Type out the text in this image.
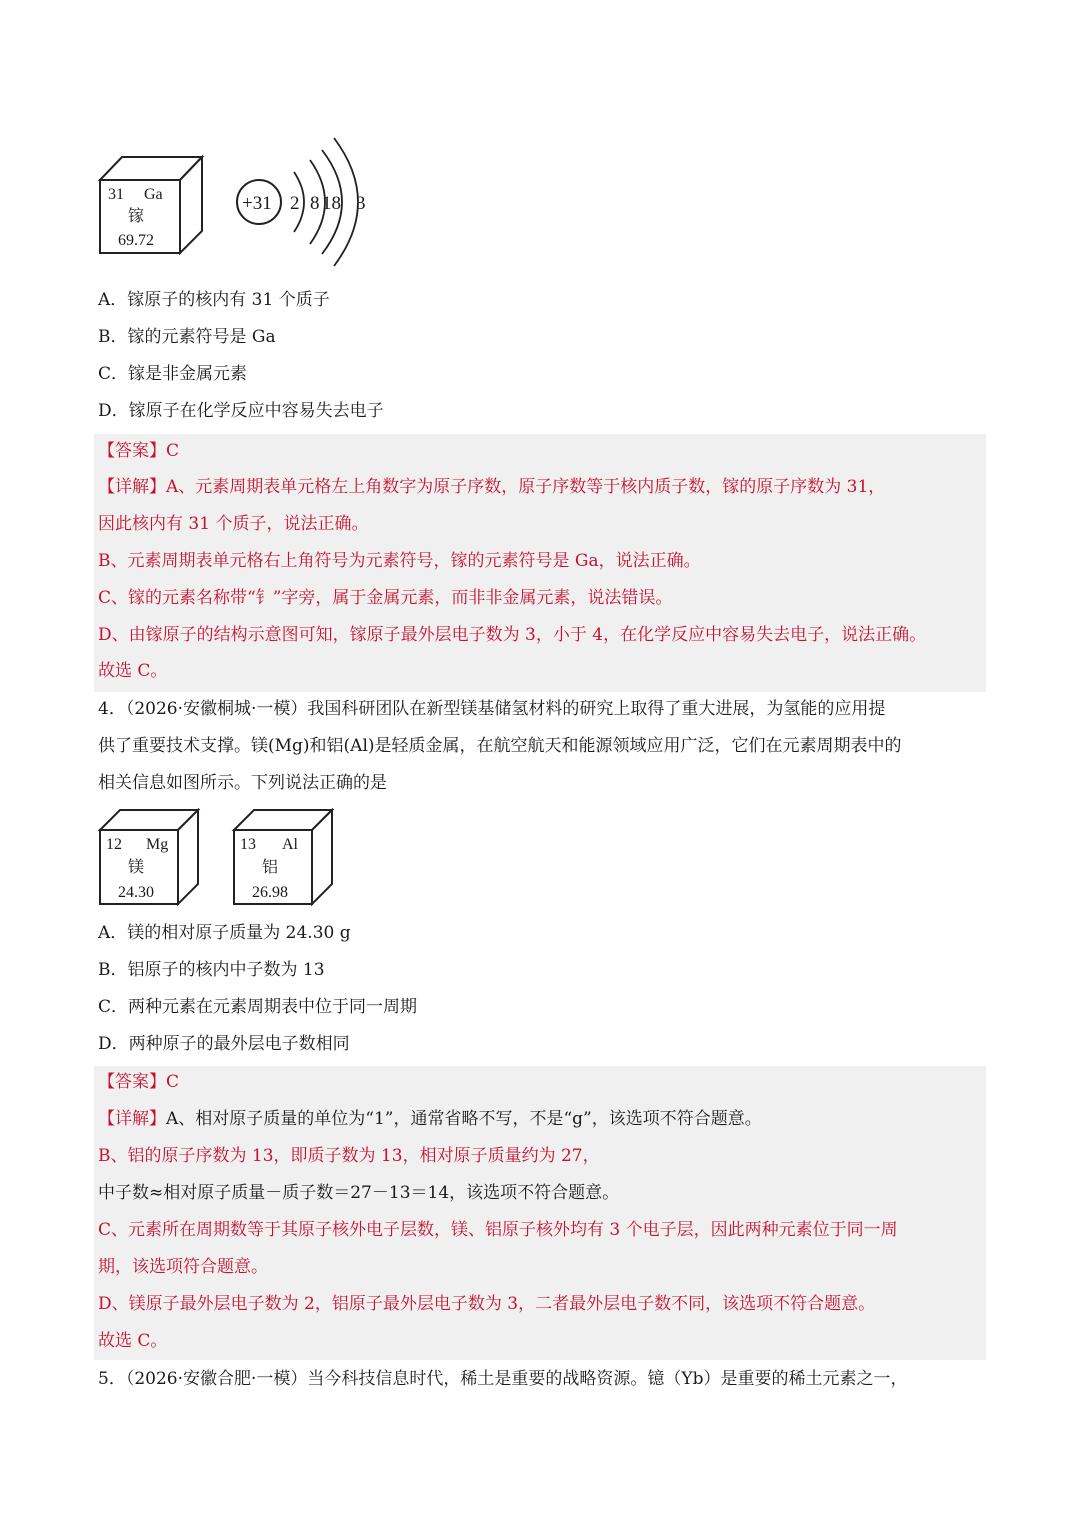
31 Ga
镓
69.72
+31 2 8 18 3
A．镓原子的核内有 31 个质子
B．镓的元素符号是 Ga
C．镓是非金属元素
D．镓原子在化学反应中容易失去电子
【答案】C
【详解】A、元素周期表单元格左上角数字为原子序数，原子序数等于核内质子数，镓的原子序数为 31，
因此核内有 31 个质子，说法正确。
B、元素周期表单元格右上角符号为元素符号，镓的元素符号是 Ga，说法正确。
C、镓的元素名称带“钅”字旁，属于金属元素，而非非金属元素，说法错误。
D、由镓原子的结构示意图可知，镓原子最外层电子数为 3，小于 4，在化学反应中容易失去电子，说法正确。
故选 C。
4．（2026·安徽桐城·一模）我国科研团队在新型镁基储氢材料的研究上取得了重大进展，为氢能的应用提
供了重要技术支撑。镁(Mg)和铝(Al)是轻质金属，在航空航天和能源领域应用广泛，它们在元素周期表中的
相关信息如图所示。下列说法正确的是
12 Mg
镁
24.30
13 Al
铝
26.98
A．镁的相对原子质量为 24.30 g
B．铝原子的核内中子数为 13
C．两种元素在元素周期表中位于同一周期
D．两种原子的最外层电子数相同
【答案】C
【详解】A、相对原子质量的单位为“1”，通常省略不写，不是“g”，该选项不符合题意。
B、铝的原子序数为 13，即质子数为 13，相对原子质量约为 27，
中子数≈相对原子质量－质子数＝27－13＝14，该选项不符合题意。
C、元素所在周期数等于其原子核外电子层数，镁、铝原子核外均有 3 个电子层，因此两种元素位于同一周
期，该选项符合题意。
D、镁原子最外层电子数为 2，铝原子最外层电子数为 3，二者最外层电子数不同，该选项不符合题意。
故选 C。
5．（2026·安徽合肥·一模）当今科技信息时代，稀土是重要的战略资源。镱（Yb）是重要的稀土元素之一，
